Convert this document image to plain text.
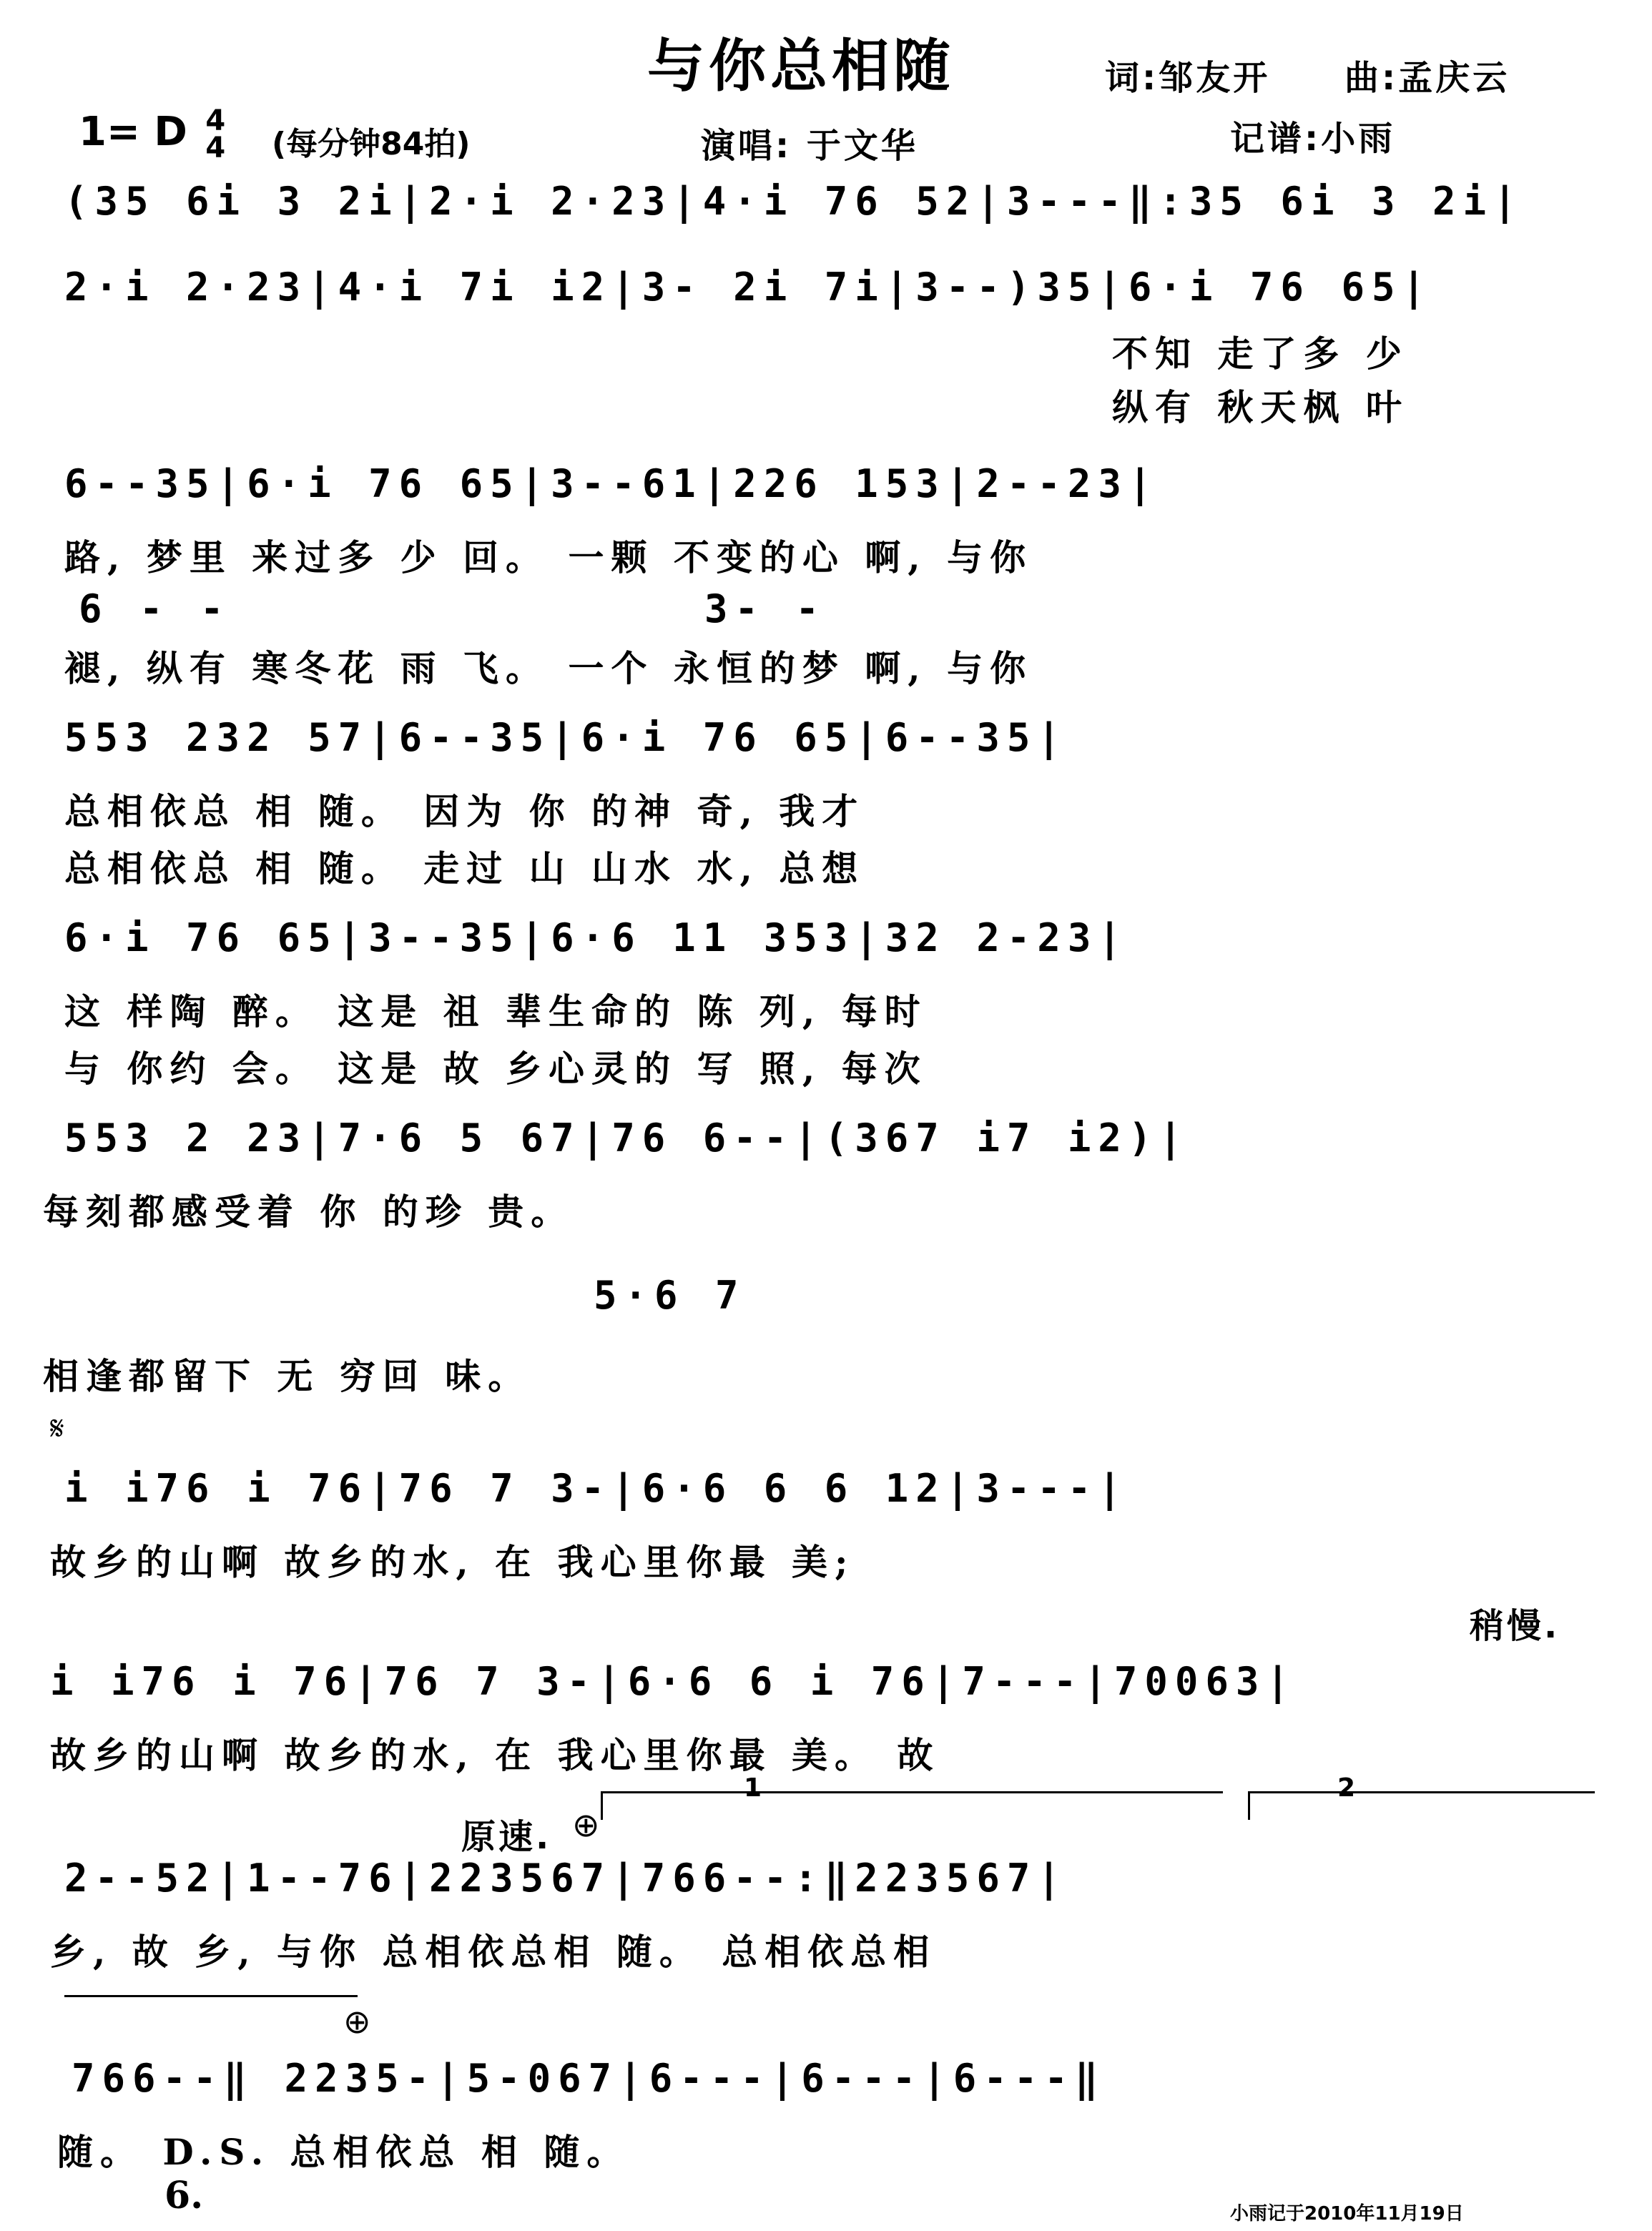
与你总相随	词:邹友开 曲:孟庆云
1= D 4
4 (每分钟84拍)	演唱: 于文华	记谱:小雨
(35 6i 3 2i|2·i 2·23|4·i 76 52|3---‖:35 6i 3 2i|
2·i 2·23|4·i 7i i2|3- 2i 7i|3--)35|6·i 76 65|
不知 走了多 少
纵有 秋天枫 叶
6--35|6·i 76 65|3--61|226 153|2--23|
路, 梦里 来过多 少 回。 一颗 不变的心 啊, 与你
6 - -	3- -
褪, 纵有 寒冬花 雨 飞。 一个 永恒的梦 啊, 与你
553 232 57|6--35|6·i 76 65|6--35|
总相依总 相 随。 因为 你 的神 奇, 我才
总相依总 相 随。 走过 山 山水 水, 总想
6·i 76 65|3--35|6·6 11 353|32 2-23|
这 样陶 醉。 这是 祖 辈生命的 陈 列, 每时
与 你约 会。 这是 故 乡心灵的 写 照, 每次
553 2 23|7·6 5 67|76 6--|(367 i7 i2)|
每刻都感受着 你 的珍 贵。
5·6 7
相逢都留下 无 穷回 味。
𝄋
i i76 i 76|76 7 3-|6·6 6 6 12|3---|
故乡的山啊 故乡的水, 在 我心里你最 美;
稍慢.
i i76 i 76|76 7 3-|6·6 6 i 76|7---|70063|
故乡的山啊 故乡的水, 在 我心里你最 美。 故
1	2
原速. ⊕
2--52|1--76|223567|766--:‖223567|
乡, 故 乡, 与你 总相依总相 随。 总相依总相
⊕
766--‖ 2235-|5-067|6---|6---|6---‖
随。 D.S. 总相依总 相 随。
6.	小雨记于2010年11月19日
